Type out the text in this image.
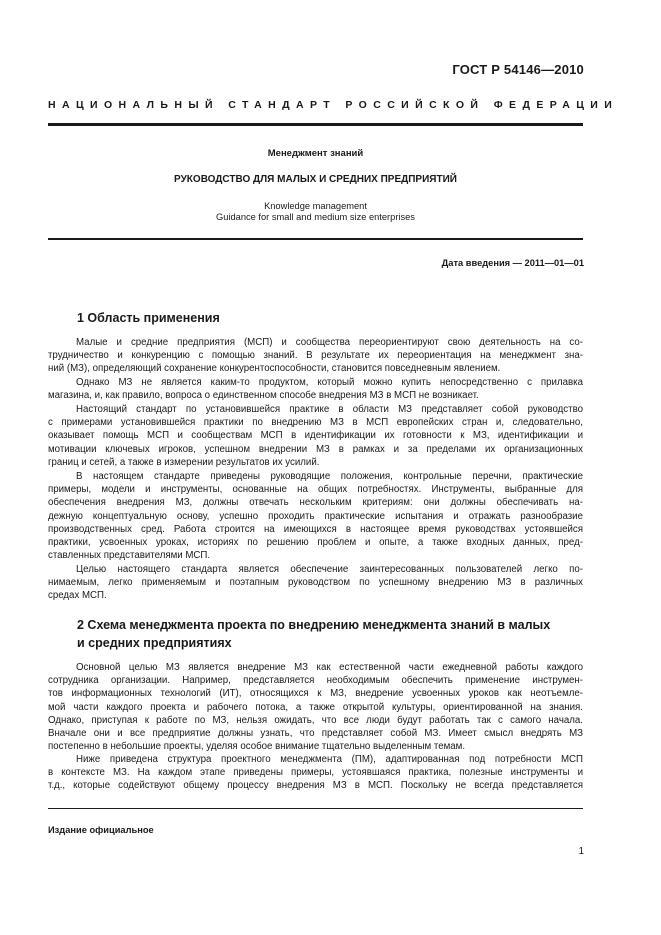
ГОСТ Р 54146—2010
НАЦИОНАЛЬНЫЙ СТАНДАРТ РОССИЙСКОЙ ФЕДЕРАЦИИ
Менеджмент знаний
РУКОВОДСТВО ДЛЯ МАЛЫХ И СРЕДНИХ ПРЕДПРИЯТИЙ
Knowledge management
Guidance for small and medium size enterprises
Дата введения — 2011—01—01
1 Область применения
Малые и средние предприятия (МСП) и сообщества переориентируют свою деятельность на со-
трудничество и конкуренцию с помощью знаний. В результате их переориентация на менеджмент зна-
ний (МЗ), определяющий сохранение конкурентоспособности, становится повседневным явлением.
Однако МЗ не является каким-то продуктом, который можно купить непосредственно с прилавка
магазина, и, как правило, вопроса о единственном способе внедрения МЗ в МСП не возникает.
Настоящий стандарт по установившейся практике в области МЗ представляет собой руководство
с примерами установившейся практики по внедрению МЗ в МСП европейских стран и, следовательно,
оказывает помощь МСП и сообществам МСП в идентификации их готовности к МЗ, идентификации и
мотивации ключевых игроков, успешном внедрении МЗ в рамках и за пределами их организационных
границ и сетей, а также в измерении результатов их усилий.
В настоящем стандарте приведены руководящие положения, контрольные перечни, практические
примеры, модели и инструменты, основанные на общих потребностях. Инструменты, выбранные для
обеспечения внедрения МЗ, должны отвечать нескольким критериям: они должны обеспечивать на-
дежную концептуальную основу, успешно проходить практические испытания и отражать разнообразие
производственных сред. Работа строится на имеющихся в настоящее время руководствах устоявшейся
практики, усвоенных уроках, историях по решению проблем и опыте, а также входных данных, пред-
ставленных представителями МСП.
Целью настоящего стандарта является обеспечение заинтересованных пользователей легко по-
нимаемым, легко применяемым и поэтапным руководством по успешному внедрению МЗ в различных
средах МСП.
2 Схема менеджмента проекта по внедрению менеджмента знаний в малых
и средних предприятиях
Основной целью МЗ является внедрение МЗ как естественной части ежедневной работы каждого
сотрудника организации. Например, представляется необходимым обеспечить применение инструмен-
тов информационных технологий (ИТ), относящихся к МЗ, внедрение усвоенных уроков как неотъемле-
мой части каждого проекта и рабочего потока, а также открытой культуры, ориентированной на знания.
Однако, приступая к работе по МЗ, нельзя ожидать, что все люди будут работать так с самого начала.
Вначале они и все предприятие должны узнать, что представляет собой МЗ. Имеет смысл внедрять МЗ
постепенно в небольшие проекты, уделяя особое внимание тщательно выделенным темам.
Ниже приведена структура проектного менеджмента (ПМ), адаптированная под потребности МСП
в контексте МЗ. На каждом этапе приведены примеры, устоявшаяся практика, полезные инструменты и
т.д., которые содействуют общему процессу внедрения МЗ в МСП. Поскольку не всегда представляется
Издание официальное
1
